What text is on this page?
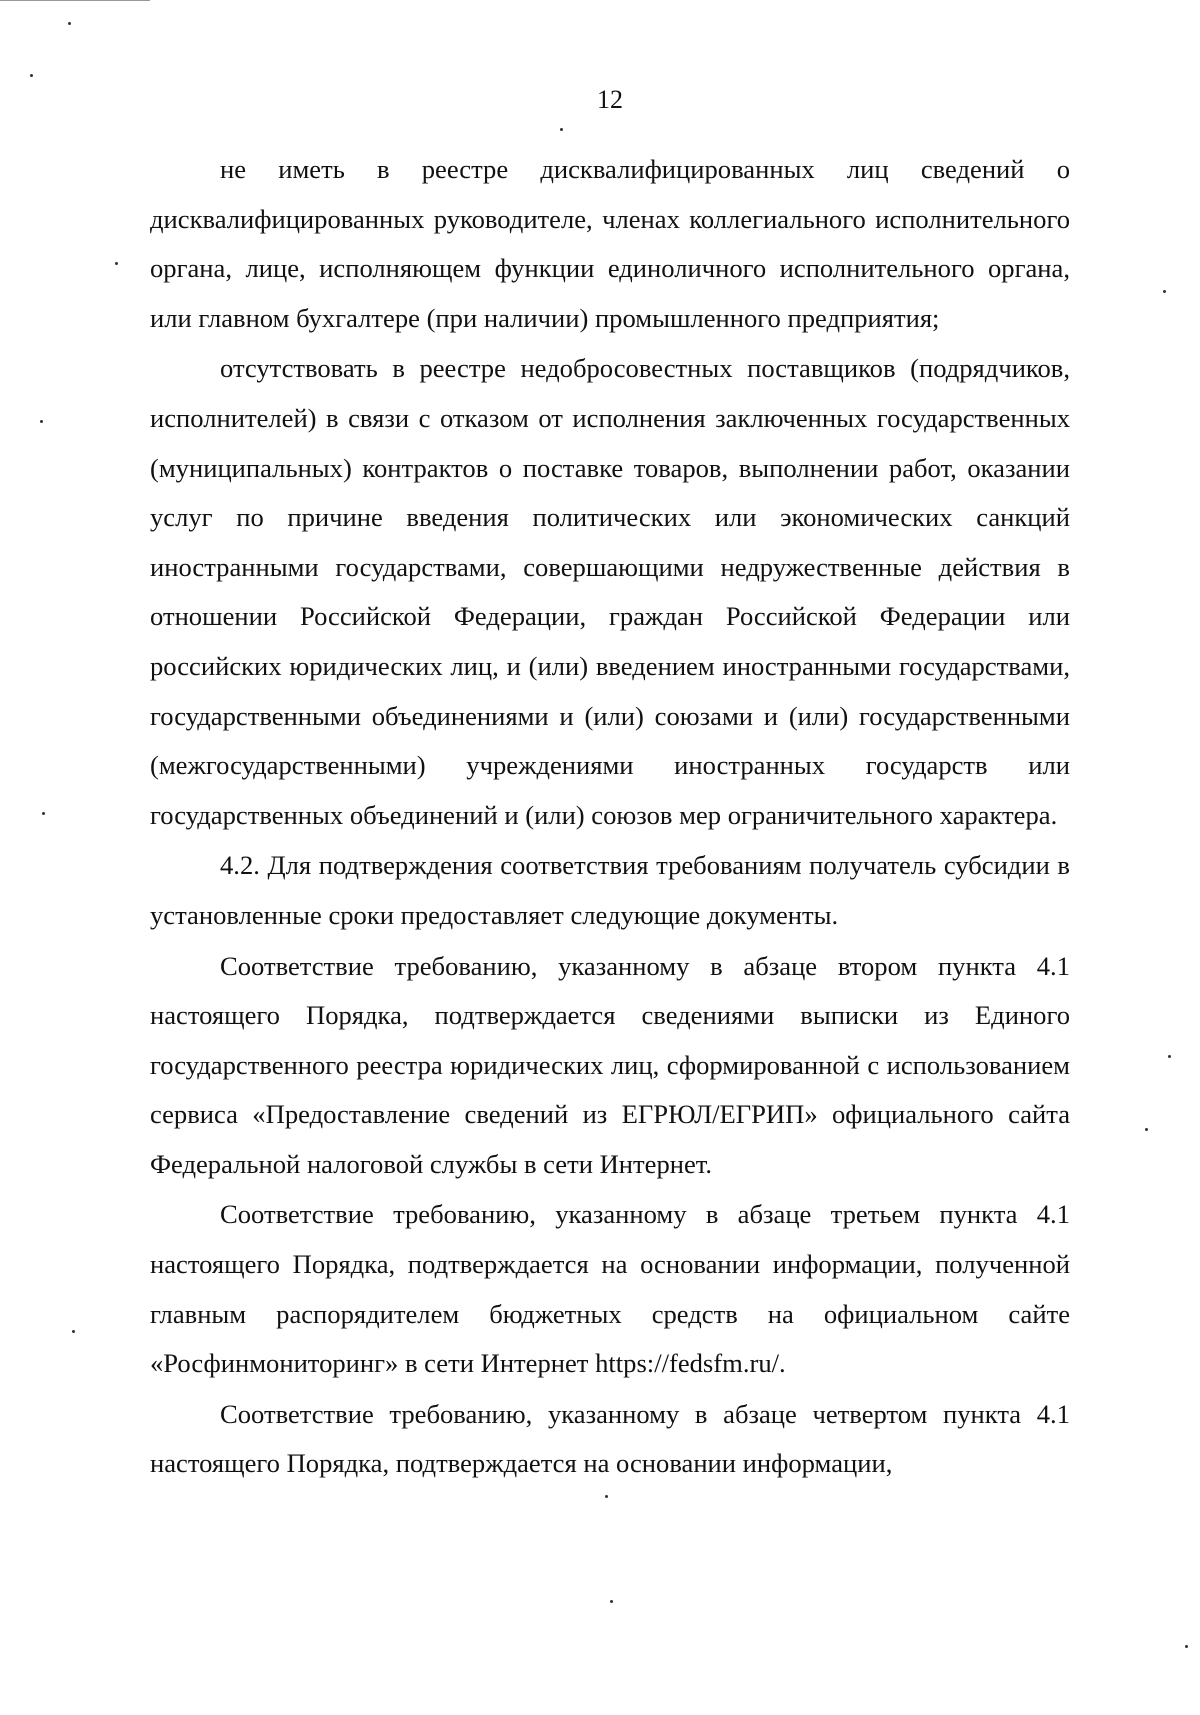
12

не иметь в реестре дисквалифицированных лиц сведений о дисквалифицированных руководителе, членах коллегиального исполнительного органа, лице, исполняющем функции единоличного исполнительного органа, или главном бухгалтере (при наличии) промышленного предприятия;

отсутствовать в реестре недобросовестных поставщиков (подрядчиков, исполнителей) в связи с отказом от исполнения заключенных государственных (муниципальных) контрактов о поставке товаров, выполнении работ, оказании услуг по причине введения политических или экономических санкций иностранными государствами, совершающими недружественные действия в отношении Российской Федерации, граждан Российской Федерации или российских юридических лиц, и (или) введением иностранными государствами, государственными объединениями и (или) союзами и (или) государственными (межгосударственными) учреждениями иностранных государств или государственных объединений и (или) союзов мер ограничительного характера.

4.2. Для подтверждения соответствия требованиям получатель субсидии в установленные сроки предоставляет следующие документы.

Соответствие требованию, указанному в абзаце втором пункта 4.1 настоящего Порядка, подтверждается сведениями выписки из Единого государственного реестра юридических лиц, сформированной с использованием сервиса «Предоставление сведений из ЕГРЮЛ/ЕГРИП» официального сайта Федеральной налоговой службы в сети Интернет.

Соответствие требованию, указанному в абзаце третьем пункта 4.1 настоящего Порядка, подтверждается на основании информации, полученной главным распорядителем бюджетных средств на официальном сайте «Росфинмониторинг» в сети Интернет https://fedsfm.ru/.

Соответствие требованию, указанному в абзаце четвертом пункта 4.1 настоящего Порядка, подтверждается на основании информации,
